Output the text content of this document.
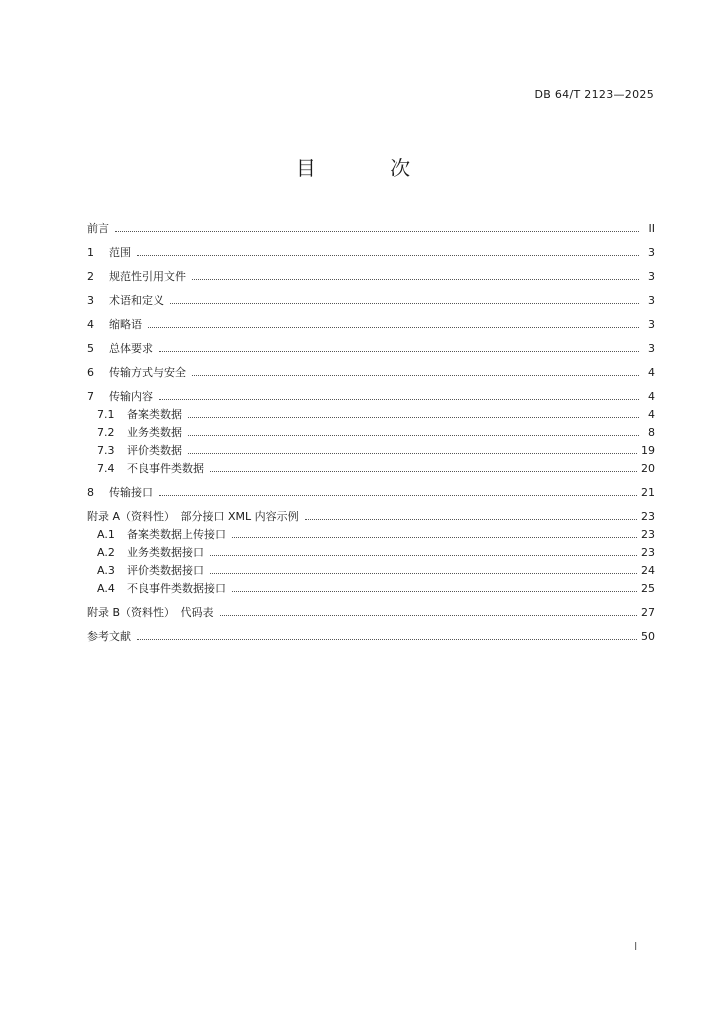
DB 64/T 2123—2025
目 次
前言	II
1	范围	3
2	规范性引用文件	3
3	术语和定义	3
4	缩略语	3
5	总体要求	3
6	传输方式与安全	4
7	传输内容	4
7.1	备案类数据	4
7.2	业务类数据	8
7.3	评价类数据	19
7.4	不良事件类数据	20
8	传输接口	21
附录 A（资料性）　部分接口 XML 内容示例	23
A.1	备案类数据上传接口	23
A.2	业务类数据接口	23
A.3	评价类数据接口	24
A.4	不良事件类数据接口	25
附录 B（资料性）　代码表	27
参考文献	50
I
